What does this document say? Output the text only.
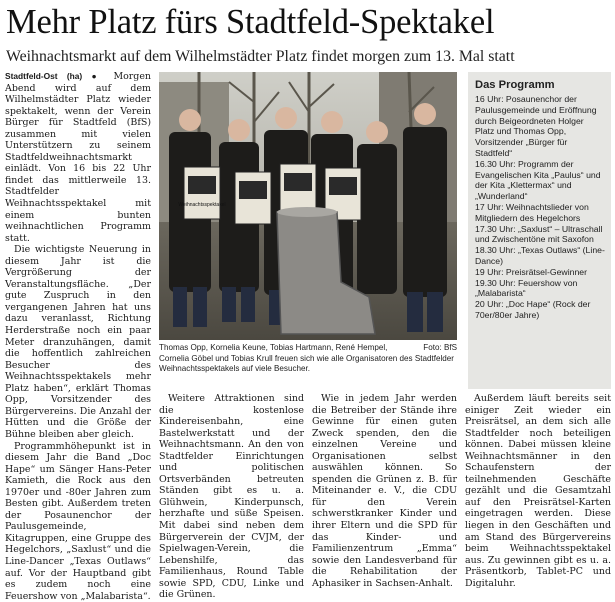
Mehr Platz fürs Stadtfeld-Spektakel
Weihnachtsmarkt auf dem Wilhelmstädter Platz findet morgen zum 13. Mal statt

Stadtfeld-Ost (ha) ● Morgen Abend wird auf dem Wilhelmstädter Platz wieder spektakelt, wenn der Verein Bürger für Stadtfeld (BfS) zusammen mit vielen Unterstützern zu seinem Stadtfeldweihnachtsmarkt einlädt. Von 16 bis 22 Uhr findet das mittlerweile 13. Stadtfelder Weihnachtsspektakel mit einem bunten weihnachtlichen Programm statt.

Die wichtigste Neuerung in diesem Jahr ist die Vergrößerung der Veranstaltungsfläche. „Der gute Zuspruch in den vergangenen Jahren hat uns dazu veranlasst, Richtung Herderstraße noch ein paar Meter dranzuhängen, damit die hoffentlich zahlreichen Besucher des Weihnachtsspektakels mehr Platz haben“, erklärt Thomas Opp, Vorsitzender des Bürgervereins. Die Anzahl der Hütten und die Größe der Bühne bleiben aber gleich.

Programmhöhepunkt ist in diesem Jahr die Band „Doc Hape“ um Sänger Hans-Peter Kamieth, die Rock aus den 1970er und -80er Jahren zum Besten gibt. Außerdem treten der Posaunenchor der Paulusgemeinde, Kitagruppen, eine Gruppe des Hegelchors, „Saxlust“ und die Line-Dancer „Texas Outlaws“ auf. Vor der Hauptband gibt es zudem noch eine Feuershow von „Malabarista“.

Weihnachtsspektakel
Foto: BfS
Thomas Opp, Kornelia Keune, Tobias Hartmann, René Hempel, Cornelia Göbel und Tobias Krull freuen sich wie alle Organisatoren des Stadtfelder Weihnachtsspektakels auf viele Besucher.
Das Programm
16 Uhr: Posaunenchor der Paulusgemeinde und Eröffnung durch Beigeordneten Holger Platz und Thomas Opp, Vorsitzender „Bürger für Stadtfeld“
16.30 Uhr: Programm der Evangelischen Kita „Paulus“ und der Kita „Klettermax“ und „Wunderland“
17 Uhr: Weihnachtslieder von Mitgliedern des Hegelchors
17.30 Uhr: „Saxlust“ – Ultraschall und Zwischentöne mit Saxofon
18.30 Uhr: „Texas Outlaws“ (Line-Dance)
19 Uhr: Preisrätsel-Gewinner
19.30 Uhr: Feuershow von „Malabarista“
20 Uhr: „Doc Hape“ (Rock der 70er/80er Jahre)

Weitere Attraktionen sind die kostenlose Kindereisenbahn, eine Bastelwerkstatt und der Weihnachtsmann. An den von Stadtfelder Einrichtungen und politischen Ortsverbänden betreuten Ständen gibt es u. a. Glühwein, Kinderpunsch, herzhafte und süße Speisen. Mit dabei sind neben dem Bürgerverein der CVJM, der Spielwagen-Verein, die Lebenshilfe, das Familienhaus, Round Table sowie SPD, CDU, Linke und die Grünen.

Wie in jedem Jahr werden die Betreiber der Stände ihre Gewinne für einen guten Zweck spenden, den die einzelnen Vereine und Organisationen selbst auswählen können. So spenden die Grünen z. B. für Miteinander e. V., die CDU für den Verein schwerstkranker Kinder und ihrer Eltern und die SPD für das Kinder- und Familienzentrum „Emma“ sowie den Landesverband für die Rehabilitation der Aphasiker in Sachsen-Anhalt.

Außerdem läuft bereits seit einiger Zeit wieder ein Preisrätsel, an dem sich alle Stadtfelder noch beteiligen können. Dabei müssen kleine Weihnachtsmänner in den Schaufenstern der teilnehmenden Geschäfte gezählt und die Gesamtzahl auf den Preisrätsel-Karten eingetragen werden. Diese liegen in den Geschäften und am Stand des Bürgervereins beim Weihnachtsspektakel aus. Zu gewinnen gibt es u. a. Präsentkorb, Tablet-PC und Digitaluhr.
